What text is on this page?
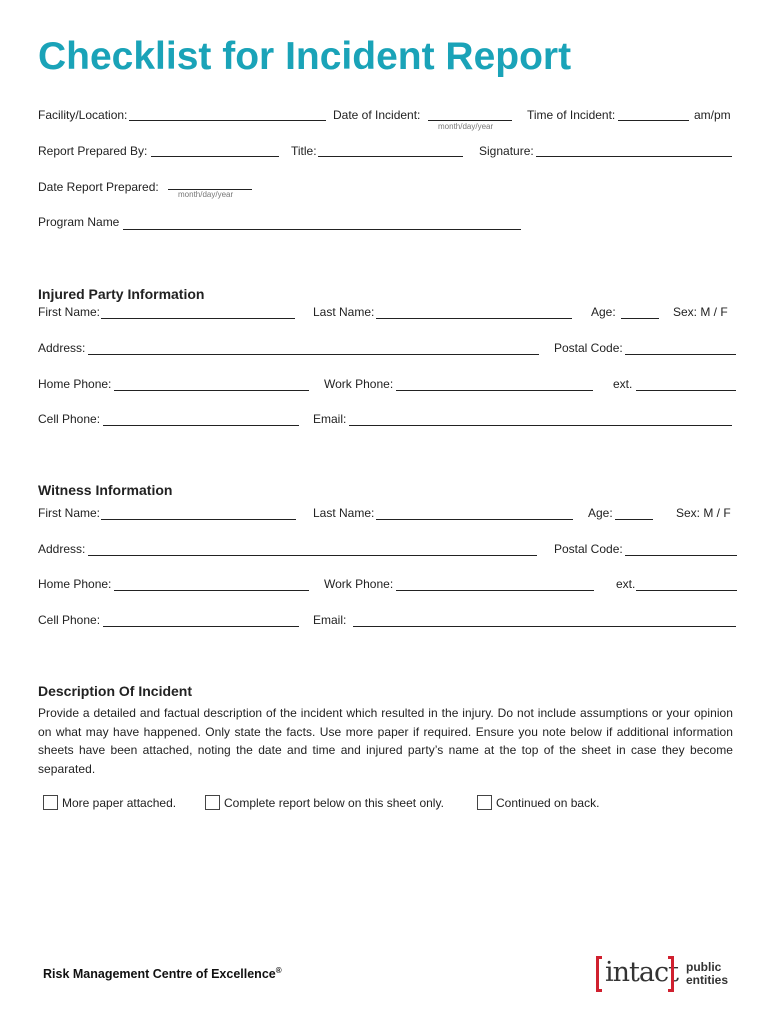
Checklist for Incident Report
Facility/Location:	Date of Incident:
month/day/year
Time of Incident:	am/pm
Report Prepared By:	Title:	Signature:
Date Report Prepared:
month/day/year
Program Name
Injured Party Information
First Name:	Last Name:	Age:	Sex: M / F
Address:	Postal Code:
Home Phone:	Work Phone:	ext.
Cell Phone:	Email:
Witness Information
First Name:	Last Name:	Age:	Sex: M / F
Address:	Postal Code:
Home Phone:	Work Phone:	ext.
Cell Phone:	Email:
Description Of Incident

Provide a detailed and factual description of the incident which resulted in the injury. Do not include assumptions or your opinion on what may have happened. Only state the facts. Use more paper if required. Ensure you note below if additional information sheets have been attached, noting the date and time and injured party’s name at the top of the sheet in case they become separated.

More paper attached.	Complete report below on this sheet only.	Continued on back.
Risk Management Centre of Excellence®	intact public
entities
